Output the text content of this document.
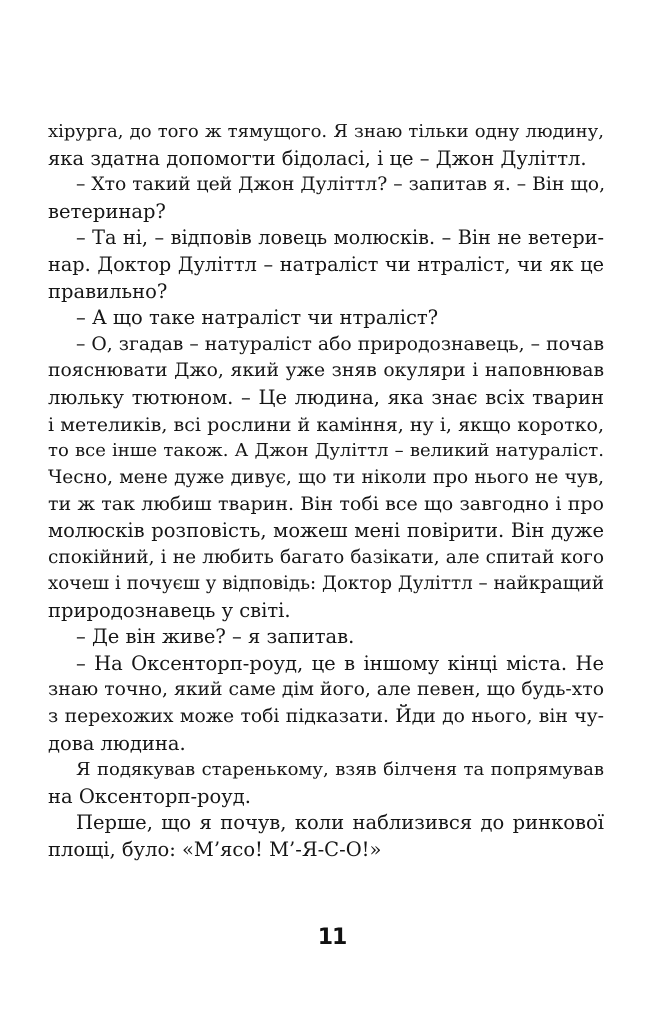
хірурга, до того ж тямущого. Я знаю тільки одну людину,
яка здатна допомогти бідоласі, і це – Джон Дуліттл.
– Хто такий цей Джон Дуліттл? – запитав я. – Він що,
ветеринар?
– Та ні, – відповів ловець молюсків. – Він не ветери-
нар. Доктор Дуліттл – натраліст чи нтраліст, чи як це
правильно?
– А що таке натраліст чи нтраліст?
– О, згадав – натураліст або природознавець, – почав
пояснювати Джо, який уже зняв окуляри і наповнював
люльку тютюном. – Це людина, яка знає всіх тварин
і метеликів, всі рослини й каміння, ну і, якщо коротко,
то все інше також. А Джон Дуліттл – великий натураліст.
Чесно, мене дуже дивує, що ти ніколи про нього не чув,
ти ж так любиш тварин. Він тобі все що завгодно і про
молюсків розповість, можеш мені повірити. Він дуже
спокійний, і не любить багато базікати, але спитай кого
хочеш і почуєш у відповідь: Доктор Дуліттл – найкращий
природознавець у світі.
– Де він живе? – я запитав.
– На Оксенторп-роуд, це в іншому кінці міста. Не
знаю точно, який саме дім його, але певен, що будь-хто
з перехожих може тобі підказати. Йди до нього, він чу-
дова людина.
Я подякував старенькому, взяв білченя та попрямував
на Оксенторп-роуд.
Перше, що я почув, коли наблизився до ринкової
площі, було: «М’ясо! М’-Я-С-О!»
11
